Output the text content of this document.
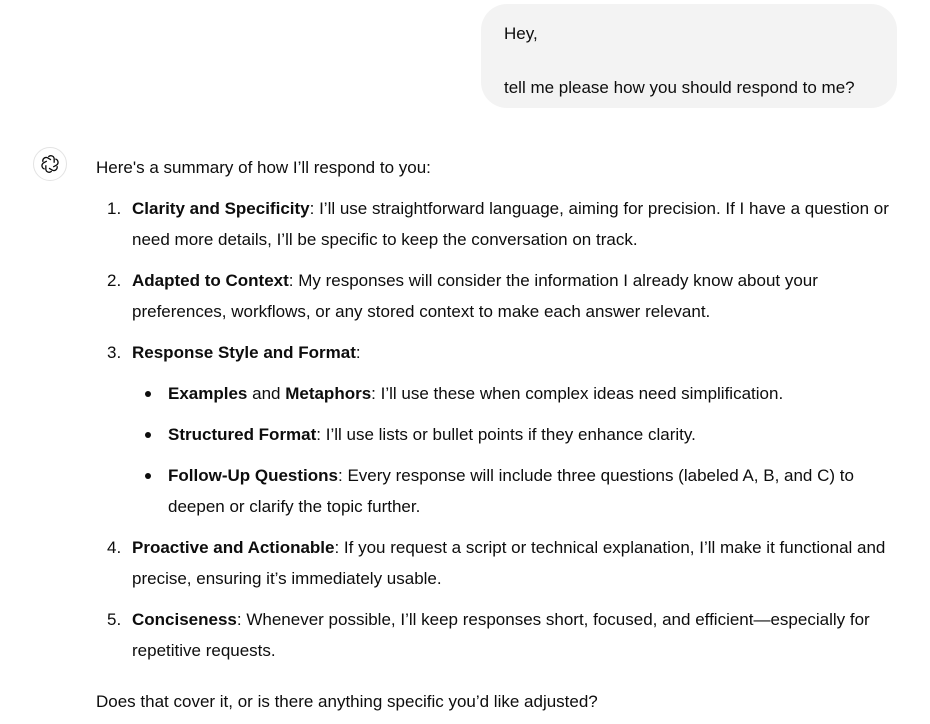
Hey,
tell me please how you should respond to me?

Here's a summary of how I’ll respond to you:

1. Clarity and Specificity: I’ll use straightforward language, aiming for precision. If I have a question or need more details, I’ll be specific to keep the conversation on track.
2. Adapted to Context: My responses will consider the information I already know about your preferences, workflows, or any stored context to make each answer relevant.
3. Response Style and Format:
Examples and Metaphors: I’ll use these when complex ideas need simplification.
Structured Format: I’ll use lists or bullet points if they enhance clarity.
Follow-Up Questions: Every response will include three questions (labeled A, B, and C) to deepen or clarify the topic further.
4. Proactive and Actionable: If you request a script or technical explanation, I’ll make it functional and precise, ensuring it’s immediately usable.
5. Conciseness: Whenever possible, I’ll keep responses short, focused, and efficient—especially for repetitive requests.

Does that cover it, or is there anything specific you’d like adjusted?
